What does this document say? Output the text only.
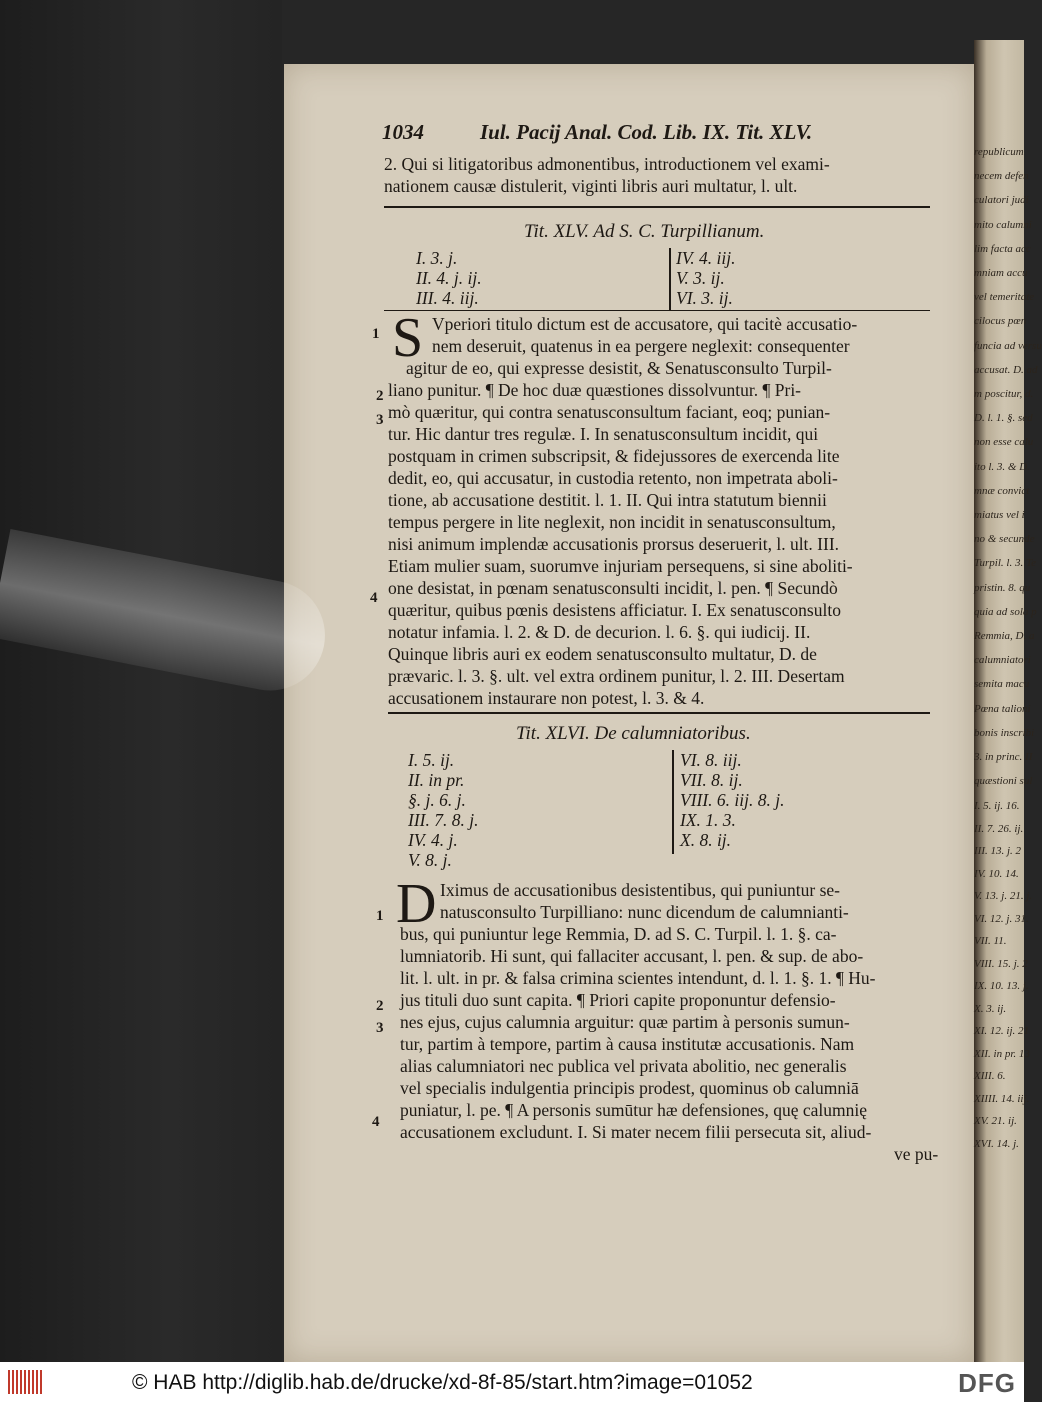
1034	Iul. Pacij Anal. Cod. Lib. IX. Tit. XLV.
2. Qui si litigatoribus admonentibus, introductionem vel exami-
nationem causæ distulerit, viginti libris auri multatur, l. ult.
Tit. XLV. Ad S. C. Turpillianum.
I. 3. j.
II. 4. j. ij.
III. 4. iij.
IV. 4. iij.
V. 3. ij.
VI. 3. ij.
S
1
2
3
4
Vperiori titulo dictum est de accusatore, qui tacitè accusatio-
nem deseruit, quatenus in ea pergere neglexit: consequenter
agitur de eo, qui expresse desistit, & Senatusconsulto Turpil-
liano punitur. ¶ De hoc duæ quæstiones dissolvuntur. ¶ Pri-
mò quæritur, qui contra senatusconsultum faciant, eoq; punian-
tur. Hic dantur tres regulæ. I. In senatusconsultum incidit, qui
postquam in crimen subscripsit, & fidejussores de exercenda lite
dedit, eo, qui accusatur, in custodia retento, non impetrata aboli-
tione, ab accusatione destitit. l. 1. II. Qui intra statutum biennii
tempus pergere in lite neglexit, non incidit in senatusconsultum,
nisi animum implendæ accusationis prorsus deseruerit, l. ult. III.
Etiam mulier suam, suorumve injuriam persequens, si sine aboliti-
one desistat, in pœnam senatusconsulti incidit, l. pen. ¶ Secundò
quæritur, quibus pœnis desistens afficiatur. I. Ex senatusconsulto
notatur infamia. l. 2. & D. de decurion. l. 6. §. qui iudicij. II.
Quinque libris auri ex eodem senatusconsulto multatur, D. de
prævaric. l. 3. §. ult. vel extra ordinem punitur, l. 2. III. Desertam
accusationem instaurare non potest, l. 3. & 4.
Tit. XLVI. De calumniatoribus.
I. 5. ij.
II. in pr.
§. j. 6. j.
III. 7. 8. j.
IV. 4. j.
V. 8. j.
VI. 8. iij.
VII. 8. ij.
VIII. 6. iij. 8. j.
IX. 1. 3.
X. 8. ij.
D
1
2
3
4
Iximus de accusationibus desistentibus, qui puniuntur se-
natusconsulto Turpilliano: nunc dicendum de calumnianti-
bus, qui puniuntur lege Remmia, D. ad S. C. Turpil. l. 1. §. ca-
lumniatorib. Hi sunt, qui fallaciter accusant, l. pen. & sup. de abo-
lit. l. ult. in pr. & falsa crimina scientes intendunt, d. l. 1. §. 1. ¶ Hu-
jus tituli duo sunt capita. ¶ Priori capite proponuntur defensio-
nes ejus, cujus calumnia arguitur: quæ partim à personis sumun-
tur, partim à tempore, partim à causa institutæ accusationis. Nam
alias calumniatori nec publica vel privata abolitio, nec generalis
vel specialis indulgentia principis prodest, quominus ob calumniā
puniatur, l. pe. ¶ A personis sumūtur hæ defensiones, quę calumnię
accusationem excludunt. I. Si mater necem filii persecuta sit, aliud-
ve pu-
republicum
necem defen
culatori judi
mito calumni
lim facta acc
mniam accu
vel temeritate
cilocus pœn
funcia ad versu
accusat. D. ad
m poscitur, d.
D. l. 1. §. sed
non esse calu
ito l. 3. & D.
mnæ convict
miatus vel i
no & secunde
Turpil. l. 3. Te
pristin. 8. qu
quia ad sola p
Remmia, D. a
calumniatori
semita macu
Pœna talioni
bonis inscribi
3. in princ. II
quæstioni sul
I. 5. ij. 16.
II. 7. 26. ij.
III. 13. j. 2
IV. 10. 14.
V. 13. j. 21. j.
VI. 12. j. 31.
VII. 11.
VIII. 15. j. 2
IX. 10. 13. j.
X. 3. ij.
XI. 12. ij. 21
XII. in pr. 13
XIII. 6.
XIIII. 14. iij.
XV. 21. ij.
XVI. 14. j.
© HAB http://diglib.hab.de/drucke/xd-8f-85/start.htm?image=01052	DFG
